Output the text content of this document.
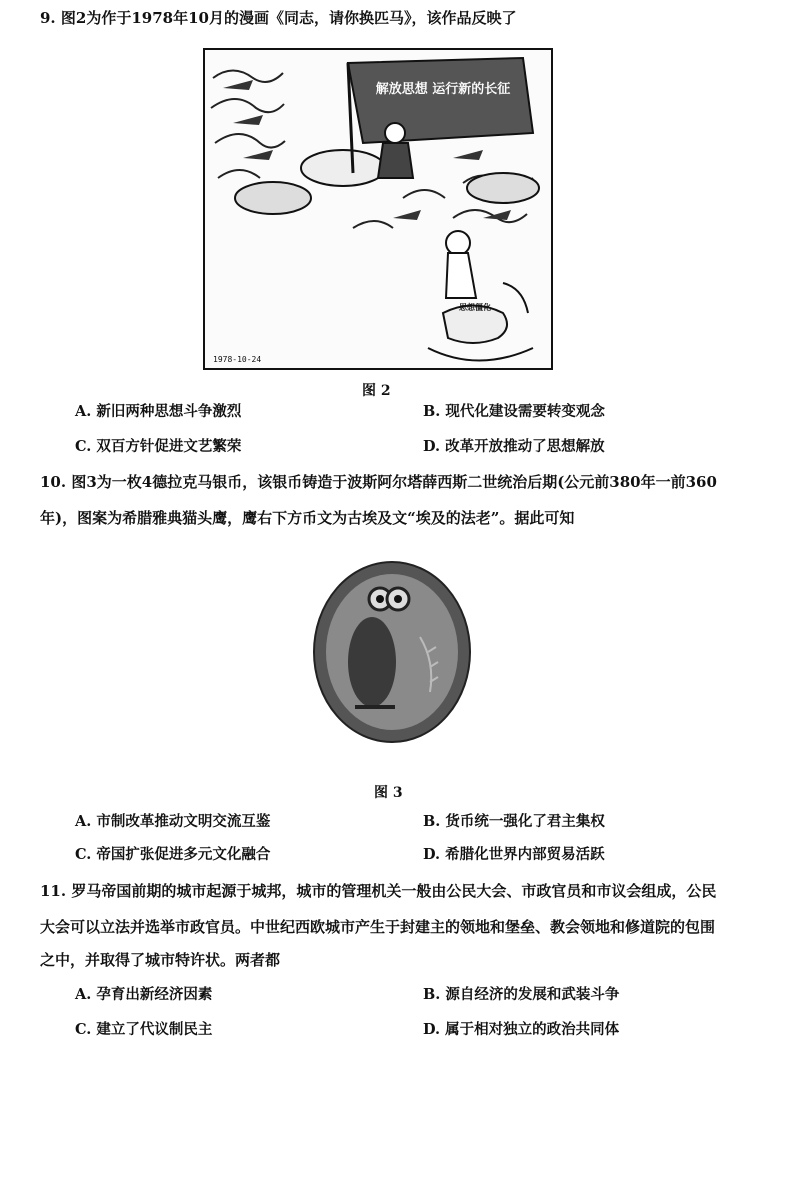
9. 图2为作于1978年10月的漫画《同志，请你换匹马》，该作品反映了
解放思想 运行新的长征
思想僵化
1978-10-24
图 2
A. 新旧两种思想斗争激烈	B. 现代化建设需要转变观念
C. 双百方针促进文艺繁荣	D. 改革开放推动了思想解放
10. 图3为一枚4德拉克马银币，该银币铸造于波斯阿尔塔薛西斯二世统治后期(公元前380年一前360
年)，图案为希腊雅典猫头鹰，鹰右下方币文为古埃及文“埃及的法老”。据此可知
图 3
A. 市制改革推动文明交流互鉴	B. 货币统一强化了君主集权
C. 帝国扩张促进多元文化融合	D. 希腊化世界内部贸易活跃
11. 罗马帝国前期的城市起源于城邦，城市的管理机关一般由公民大会、市政官员和市议会组成，公民
大会可以立法并选举市政官员。中世纪西欧城市产生于封建主的领地和堡垒、教会领地和修道院的包围
之中，并取得了城市特许状。两者都
A. 孕育出新经济因素	B. 源自经济的发展和武装斗争
C. 建立了代议制民主	D. 属于相对独立的政治共同体
